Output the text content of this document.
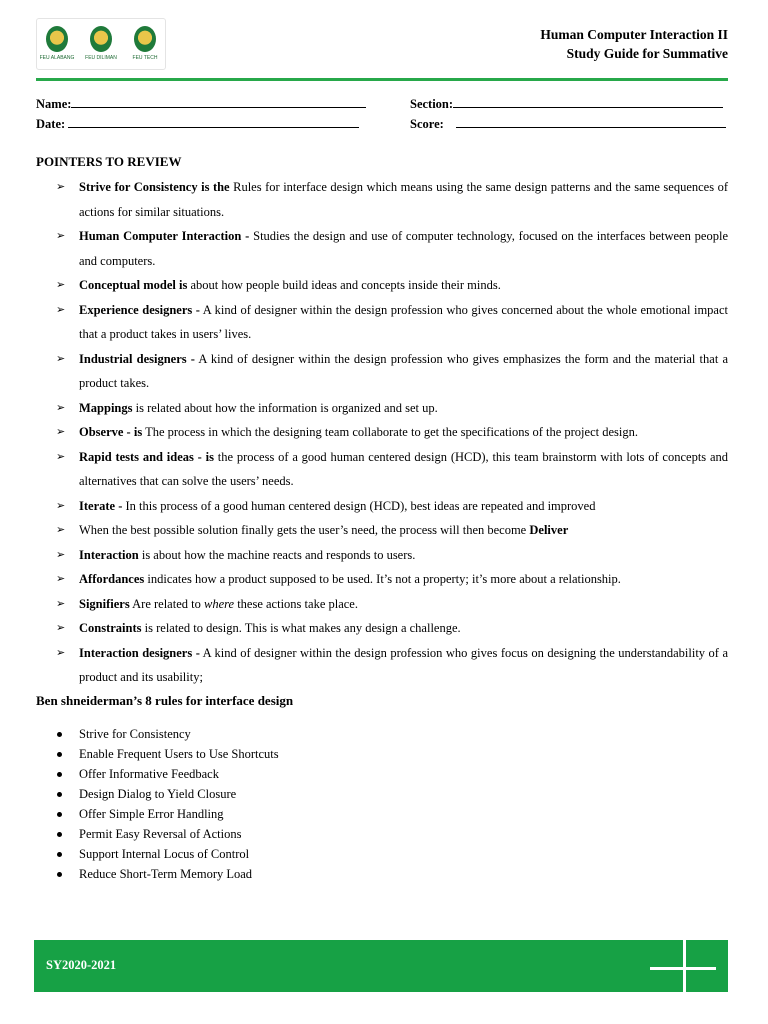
FEU ALABANG	FEU DILIMAN	FEU TECH
Human Computer Interaction II
Study Guide for Summative
Name:	Section:
Date:	Score:
POINTERS TO REVIEW
➢ Strive for Consistency is the Rules for interface design which means using the same design patterns and the same sequences of actions for similar situations.
➢ Human Computer Interaction - Studies the design and use of computer technology, focused on the interfaces between people and computers.
➢ Conceptual model is about how people build ideas and concepts inside their minds.
➢ Experience designers - A kind of designer within the design profession who gives concerned about the whole emotional impact that a product takes in users’ lives.
➢ Industrial designers - A kind of designer within the design profession who gives emphasizes the form and the material that a product takes.
➢ Mappings is related about how the information is organized and set up.
➢ Observe - is The process in which the designing team collaborate to get the specifications of the project design.
➢ Rapid tests and ideas - is the process of a good human centered design (HCD), this team brainstorm with lots of concepts and alternatives that can solve the users’ needs.
➢ Iterate - In this process of a good human centered design (HCD), best ideas are repeated and improved
➢ When the best possible solution finally gets the user’s need, the process will then become Deliver
➢ Interaction is about how the machine reacts and responds to users.
➢ Affordances indicates how a product supposed to be used. It’s not a property; it’s more about a relationship.
➢ Signifiers Are related to where these actions take place.
➢ Constraints is related to design. This is what makes any design a challenge.
➢ Interaction designers - A kind of designer within the design profession who gives focus on designing the understandability of a product and its usability;
Ben shneiderman’s 8 rules for interface design
Strive for Consistency
Enable Frequent Users to Use Shortcuts
Offer Informative Feedback
Design Dialog to Yield Closure
Offer Simple Error Handling
Permit Easy Reversal of Actions
Support Internal Locus of Control
Reduce Short-Term Memory Load
SY2020-2021
